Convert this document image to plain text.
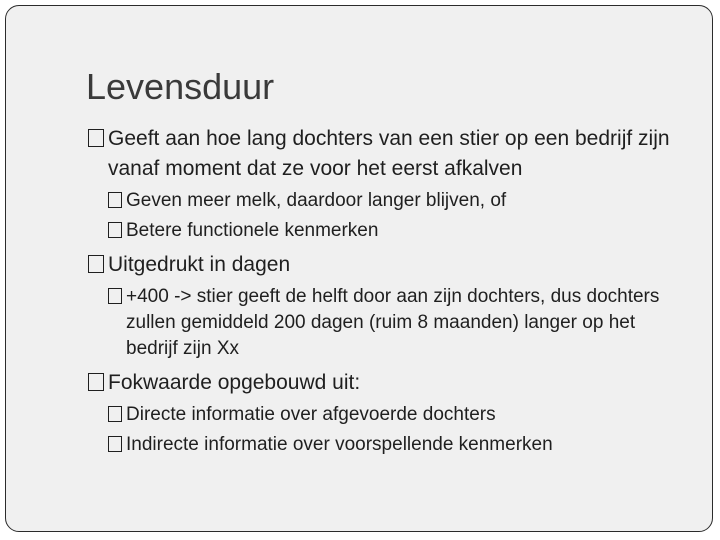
Levensduur
Geeft aan hoe lang dochters van een stier op een bedrijf zijn vanaf moment dat ze voor het eerst afkalven
Geven meer melk, daardoor langer blijven, of
Betere functionele kenmerken
Uitgedrukt in dagen
+400 -> stier geeft de helft door aan zijn dochters, dus dochters zullen gemiddeld 200 dagen (ruim 8 maanden) langer op het bedrijf zijn Xx
Fokwaarde opgebouwd uit:
Directe informatie over afgevoerde dochters
Indirecte informatie over voorspellende kenmerken
